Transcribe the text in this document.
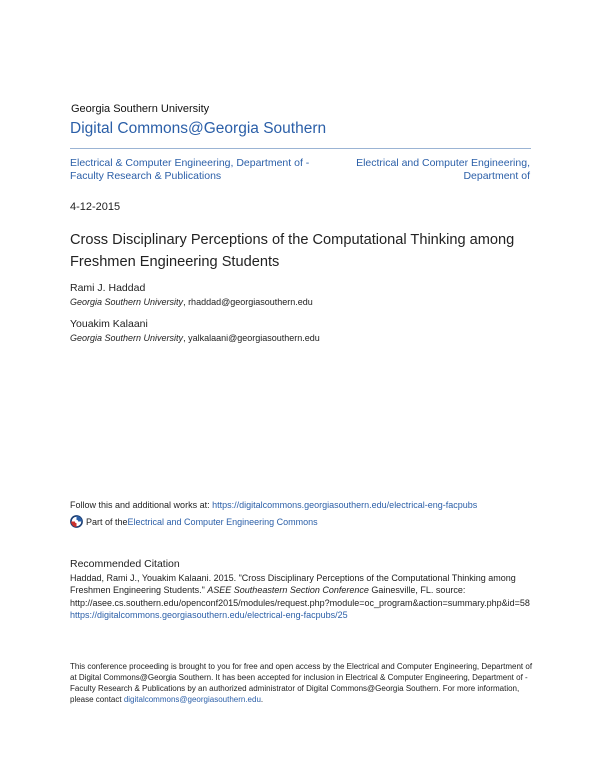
Georgia Southern University
Digital Commons@Georgia Southern
Electrical & Computer Engineering, Department of - Faculty Research & Publications
Electrical and Computer Engineering, Department of
4-12-2015
Cross Disciplinary Perceptions of the Computational Thinking among Freshmen Engineering Students
Rami J. Haddad
Georgia Southern University, rhaddad@georgiasouthern.edu
Youakim Kalaani
Georgia Southern University, yalkalaani@georgiasouthern.edu
Follow this and additional works at: https://digitalcommons.georgiasouthern.edu/electrical-eng-facpubs
Part of the Electrical and Computer Engineering Commons
Recommended Citation
Haddad, Rami J., Youakim Kalaani. 2015. "Cross Disciplinary Perceptions of the Computational Thinking among Freshmen Engineering Students." ASEE Southeastern Section Conference Gainesville, FL. source: http://asee.cs.southern.edu/openconf2015/modules/request.php?module=oc_program&action=summary.php&id=58
https://digitalcommons.georgiasouthern.edu/electrical-eng-facpubs/25
This conference proceeding is brought to you for free and open access by the Electrical and Computer Engineering, Department of at Digital Commons@Georgia Southern. It has been accepted for inclusion in Electrical & Computer Engineering, Department of - Faculty Research & Publications by an authorized administrator of Digital Commons@Georgia Southern. For more information, please contact digitalcommons@georgiasouthern.edu.
